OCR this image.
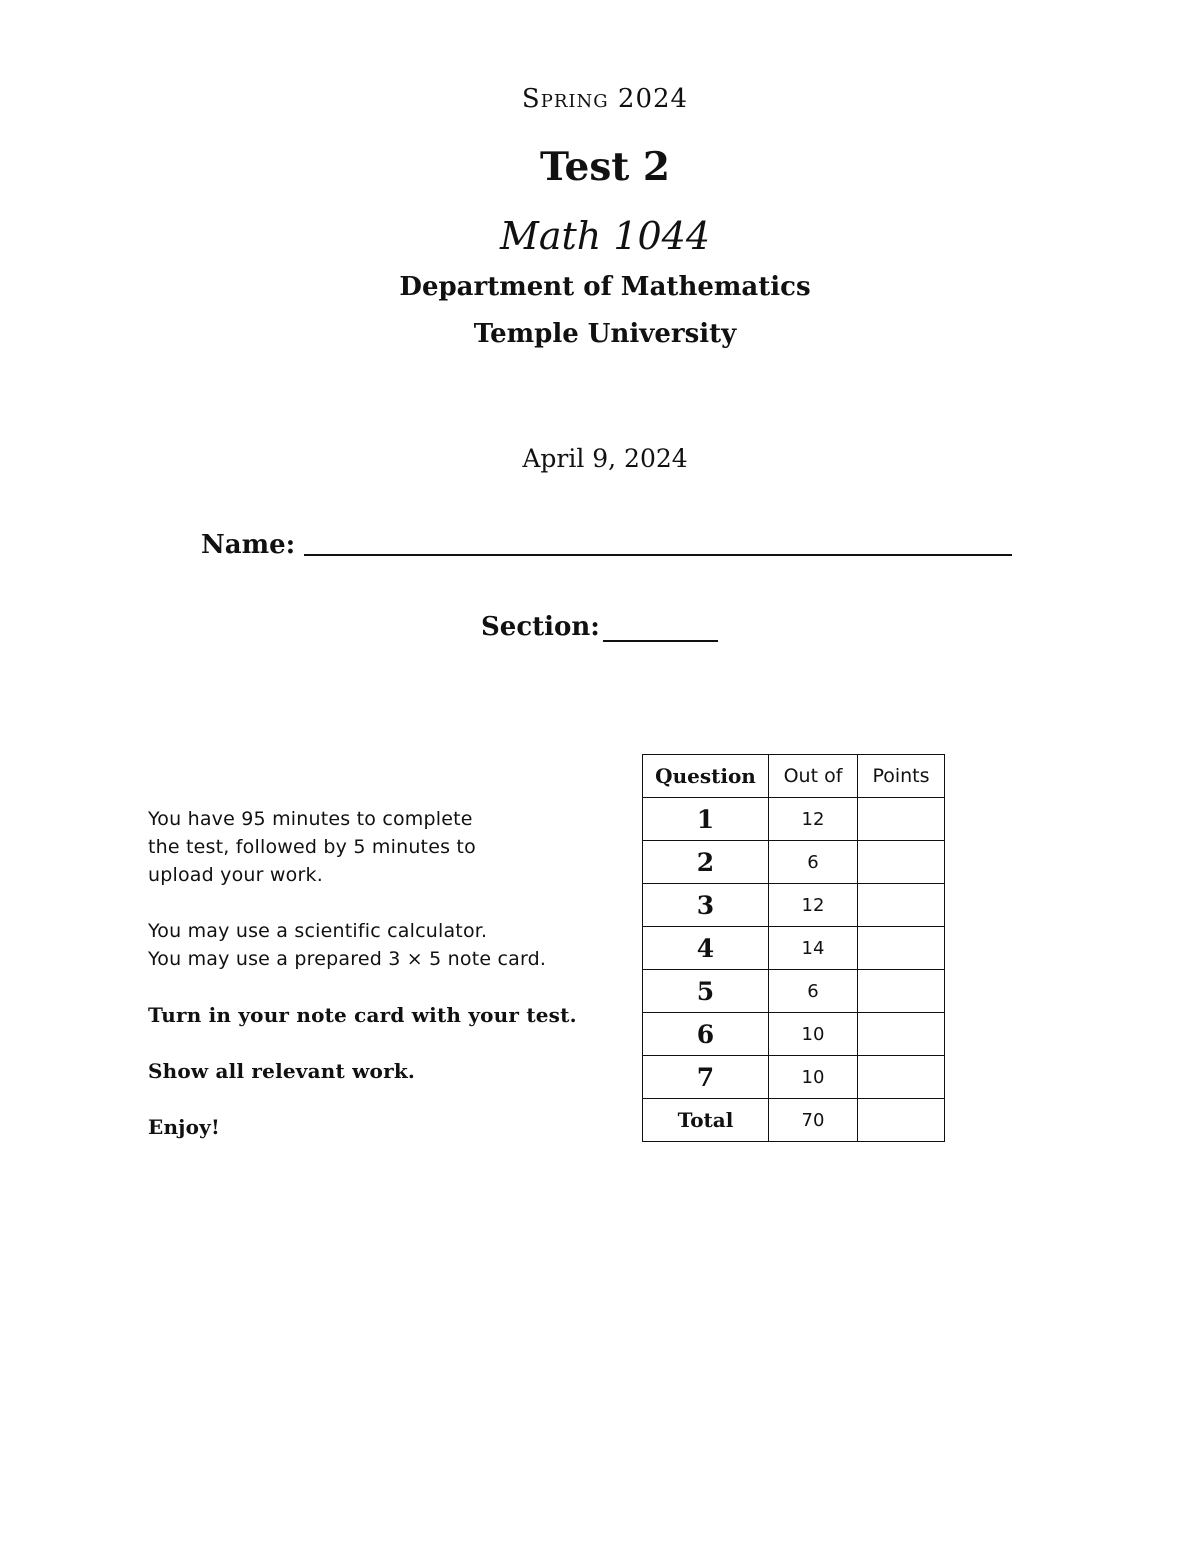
Spring 2024
Test 2
Math 1044
Department of Mathematics
Temple University
April 9, 2024
Name:
Section:

You have 95 minutes to complete
the test, followed by 5 minutes to
upload your work.

You may use a scientific calculator.
You may use a prepared 3 × 5 note card.

Turn in your note card with your test.

Show all relevant work.

Enjoy!

Question	Out of	Points
1	12	
2	6	
3	12	
4	14	
5	6	
6	10	
7	10	
Total	70	
